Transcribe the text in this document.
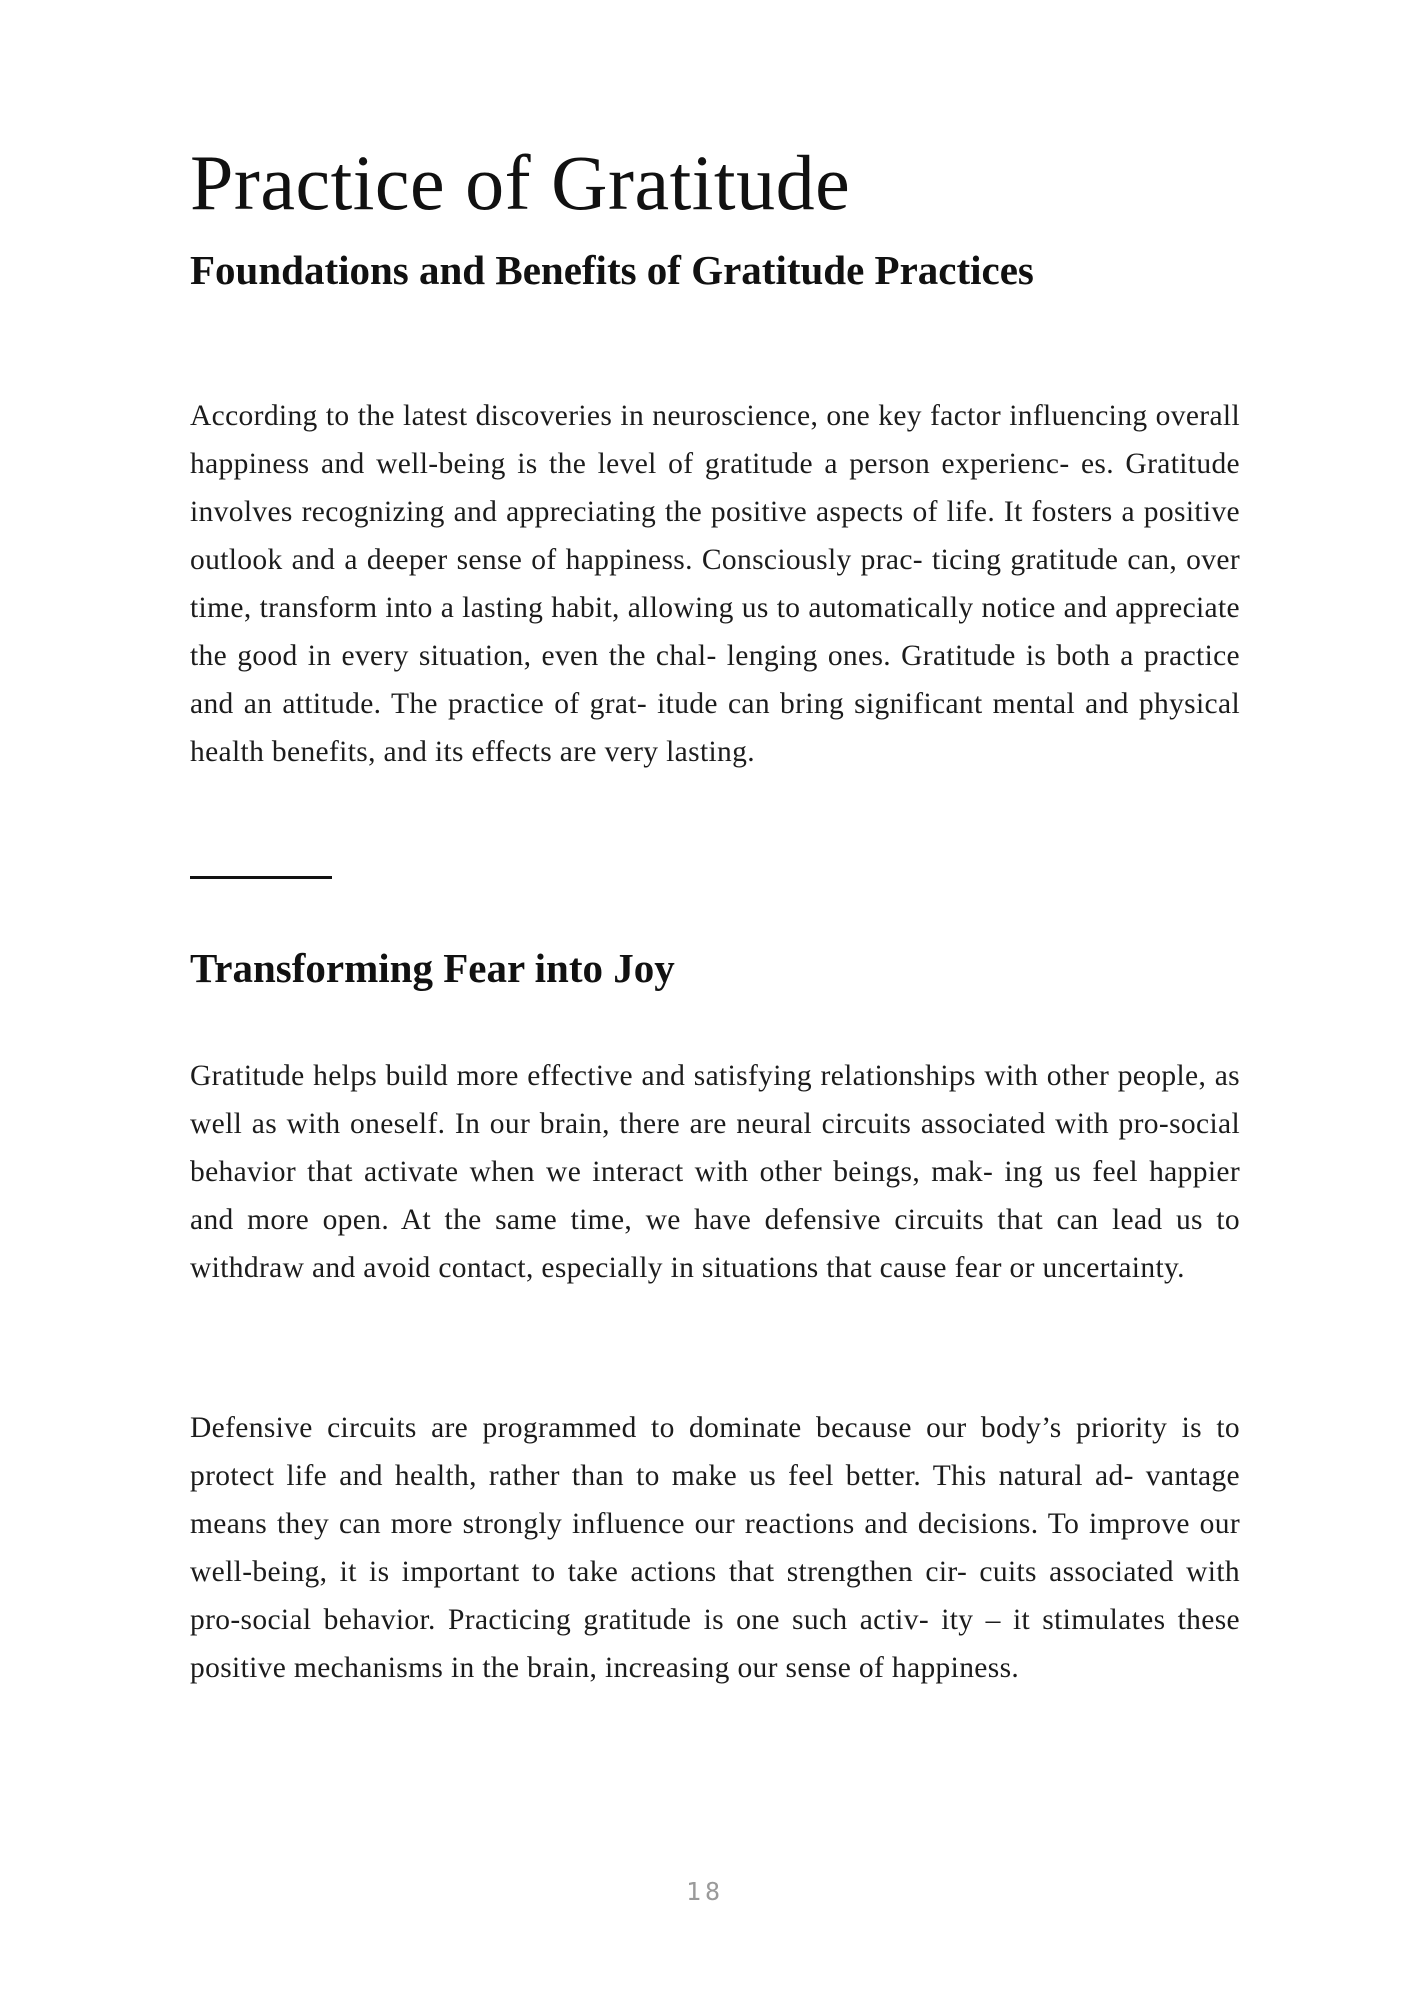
Practice of Gratitude
Foundations and Benefits of Gratitude Practices

According to the latest discoveries in neuroscience, one key factor influencing overall happiness and well-being is the level of gratitude a person experienc- es. Gratitude involves recognizing and appreciating the positive aspects of life. It fosters a positive outlook and a deeper sense of happiness. Consciously prac- ticing gratitude can, over time, transform into a lasting habit, allowing us to automatically notice and appreciate the good in every situation, even the chal- lenging ones. Gratitude is both a practice and an attitude. The practice of grat- itude can bring significant mental and physical health benefits, and its effects are very lasting.

Transforming Fear into Joy

Gratitude helps build more effective and satisfying relationships with other people, as well as with oneself. In our brain, there are neural circuits associated with pro-social behavior that activate when we interact with other beings, mak- ing us feel happier and more open. At the same time, we have defensive circuits that can lead us to withdraw and avoid contact, especially in situations that cause fear or uncertainty.

Defensive circuits are programmed to dominate because our body’s priority is to protect life and health, rather than to make us feel better. This natural ad- vantage means they can more strongly influence our reactions and decisions. To improve our well-being, it is important to take actions that strengthen cir- cuits associated with pro-social behavior. Practicing gratitude is one such activ- ity – it stimulates these positive mechanisms in the brain, increasing our sense of happiness.

18
